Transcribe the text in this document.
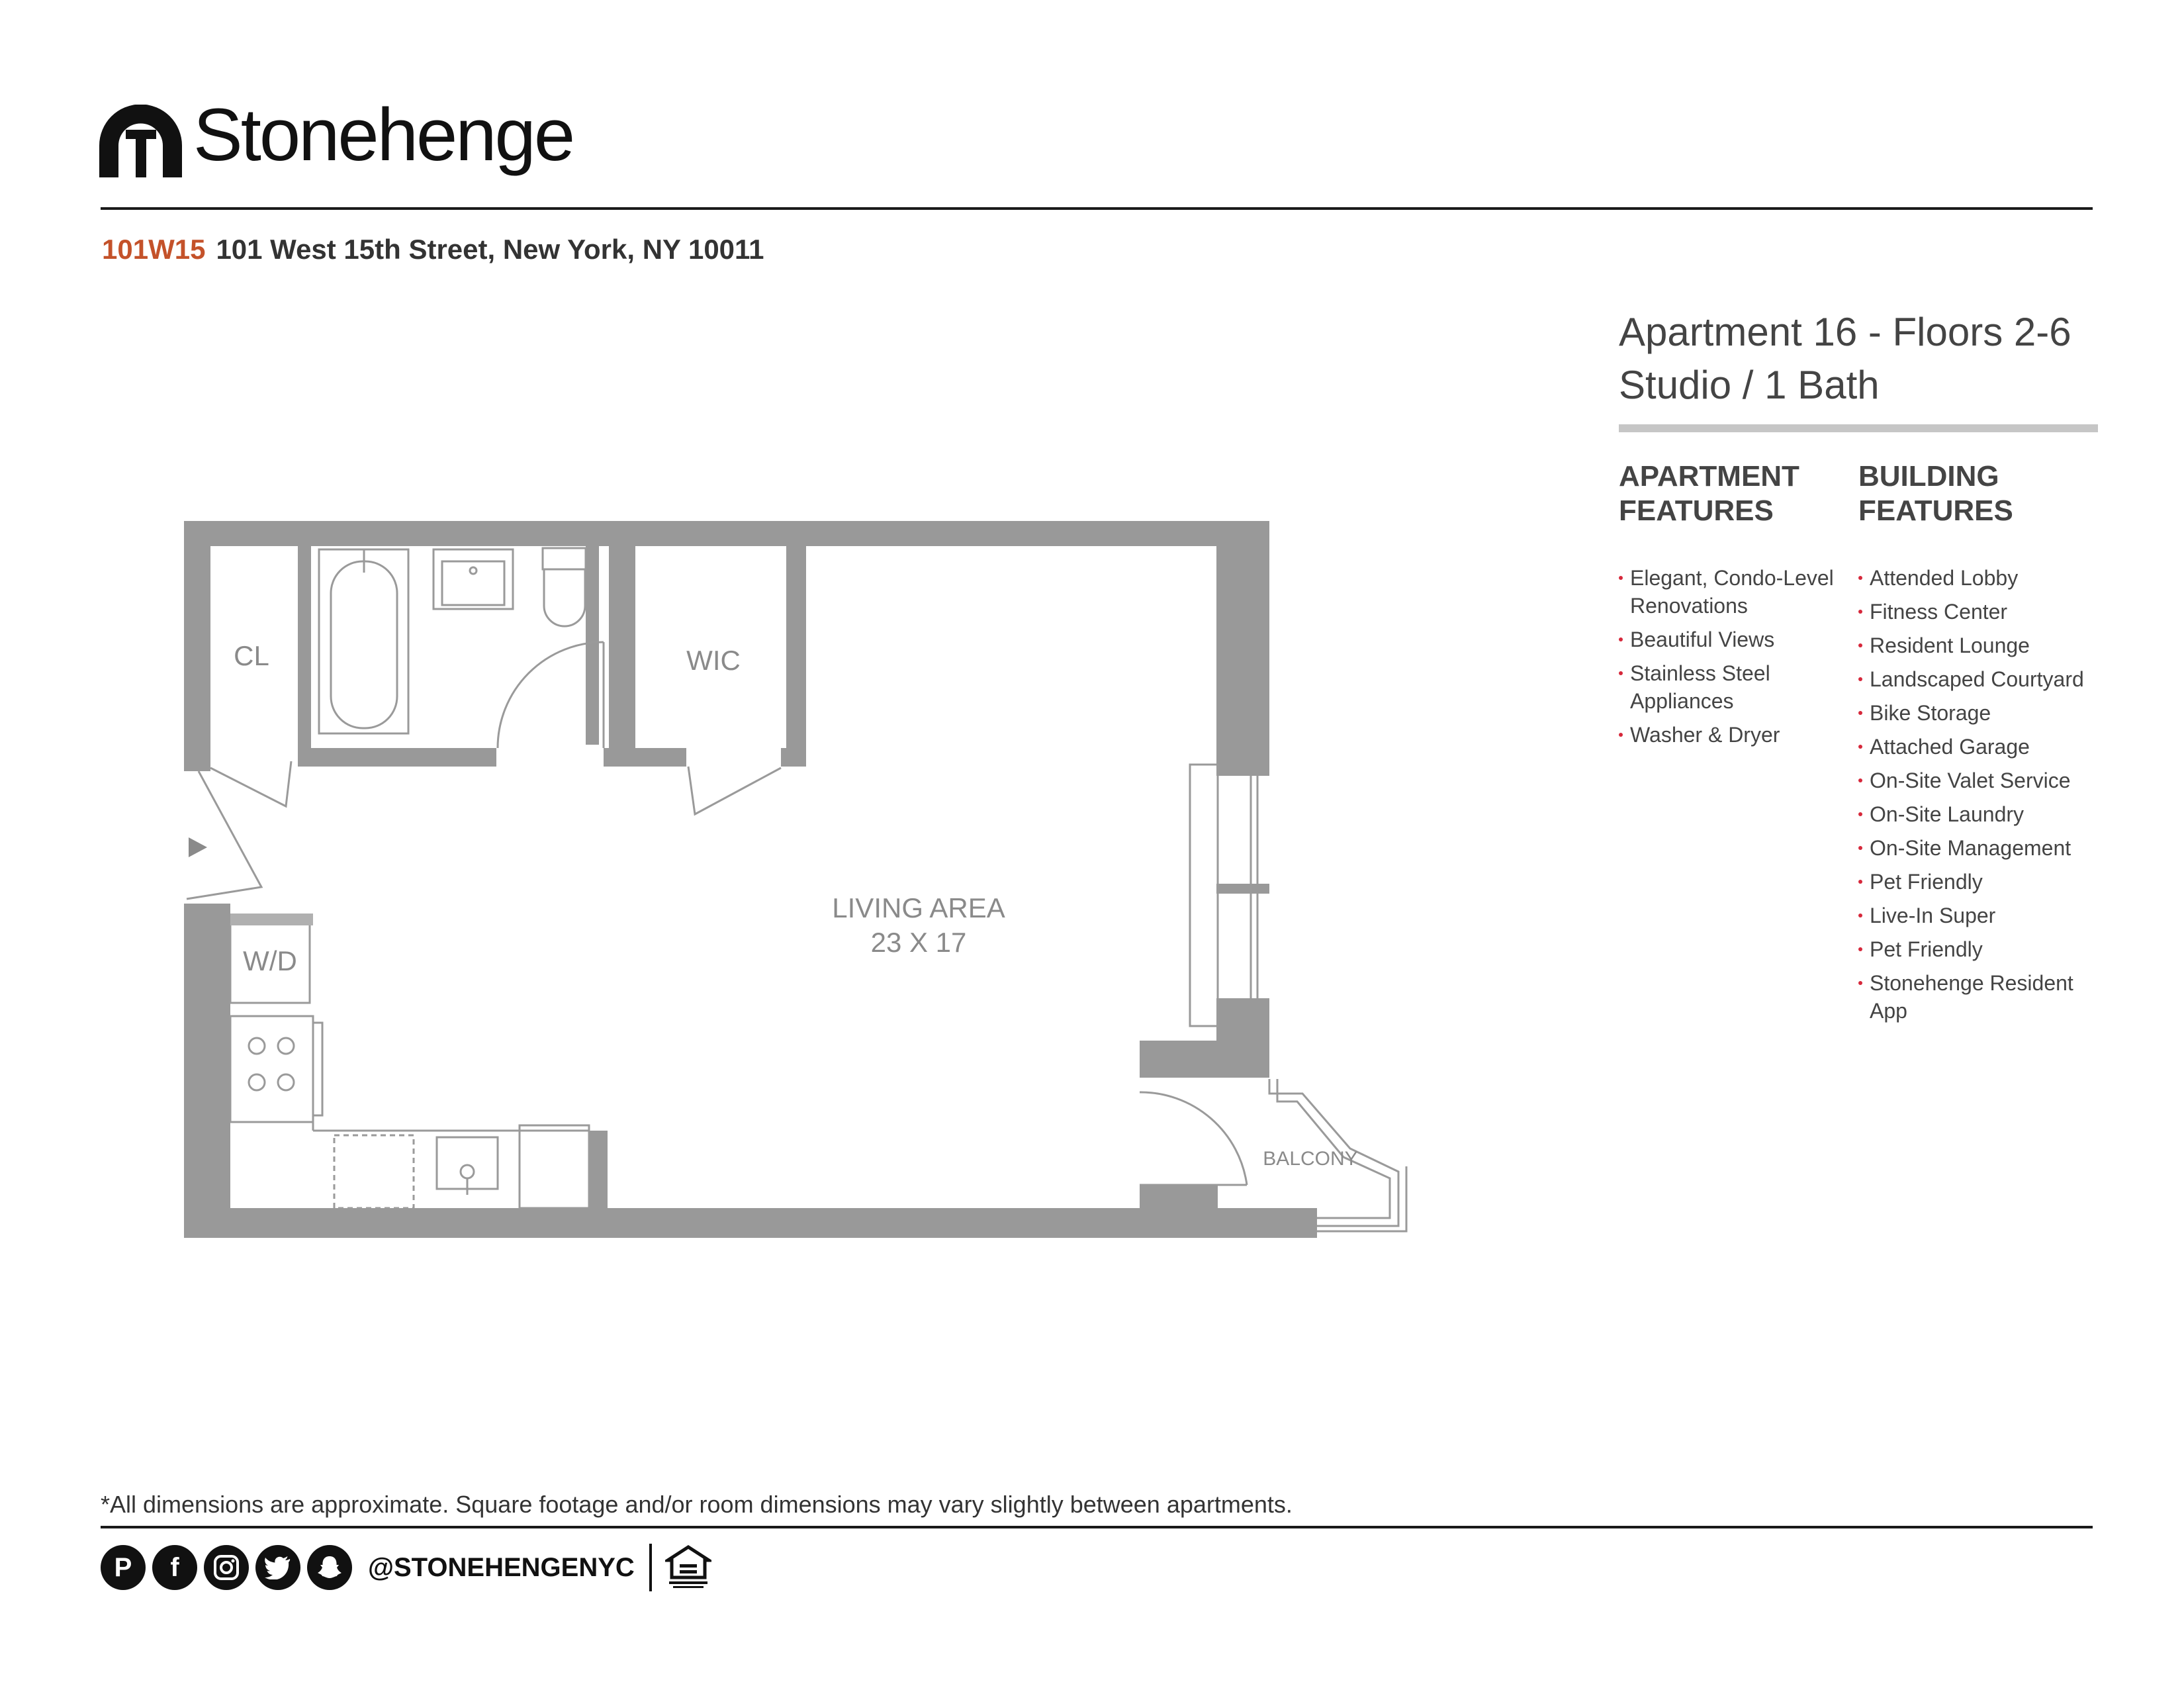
Stonehenge
101W15 101 West 15th Street, New York, NY 10011
Apartment 16 - Floors 2-6
Studio / 1 Bath
APARTMENT
FEATURES
BUILDING
FEATURES
Elegant, Condo-Level Renovations
Beautiful Views
Stainless Steel Appliances
Washer & Dryer
Attended Lobby
Fitness Center
Resident Lounge
Landscaped Courtyard
Bike Storage
Attached Garage
On-Site Valet Service
On-Site Laundry
On-Site Management
Pet Friendly
Live-In Super
Pet Friendly
Stonehenge Resident App
CL	WIC
W/D
LIVING AREA
23 X 17
BALCONY
*All dimensions are approximate. Square footage and/or room dimensions may vary slightly between apartments.
P	f	@STONEHENGENYC
